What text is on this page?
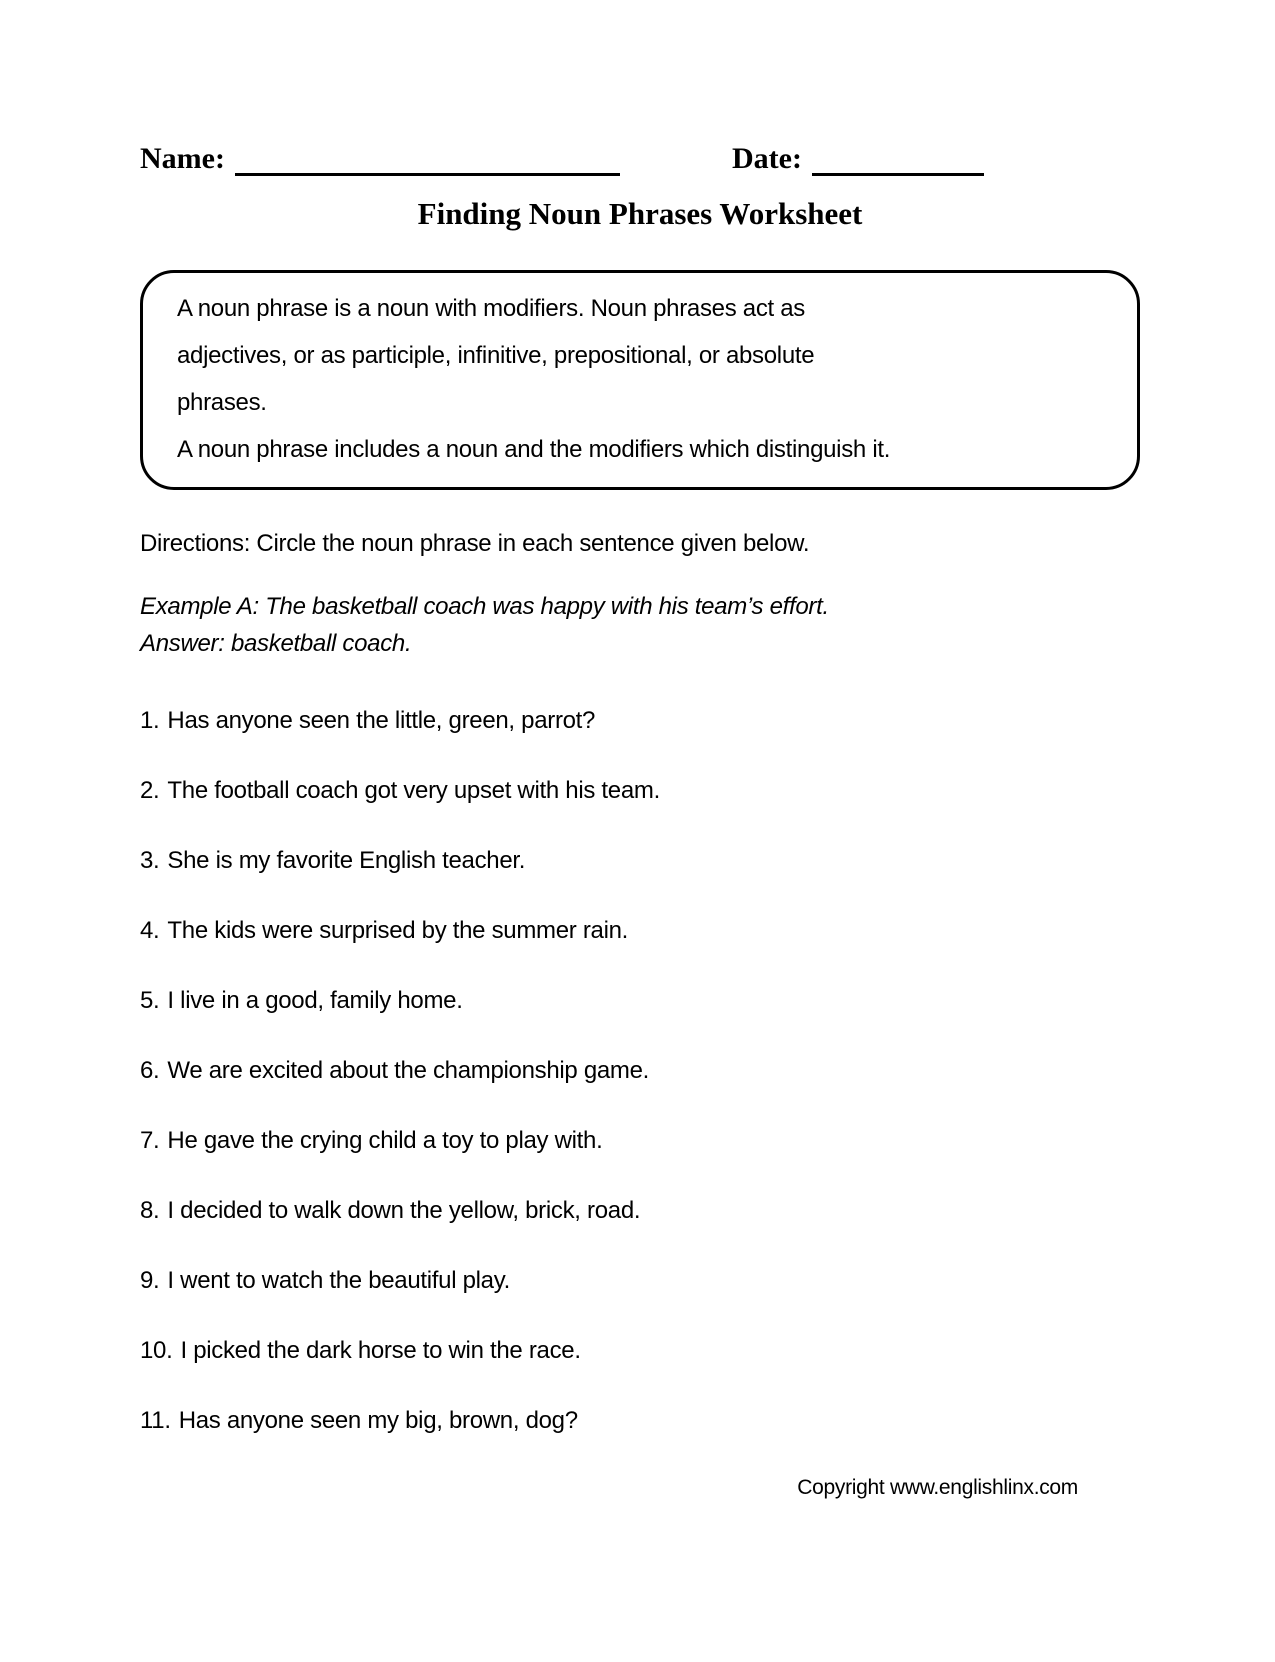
Name:	Date:
Finding Noun Phrases Worksheet
A noun phrase is a noun with modifiers. Noun phrases act as
adjectives, or as participle, infinitive, prepositional, or absolute
phrases.
A noun phrase includes a noun and the modifiers which distinguish it.
Directions: Circle the noun phrase in each sentence given below.
Example A: The basketball coach was happy with his team’s effort.
Answer: basketball coach.
1. Has anyone seen the little, green, parrot?
2. The football coach got very upset with his team.
3. She is my favorite English teacher.
4. The kids were surprised by the summer rain.
5. I live in a good, family home.
6. We are excited about the championship game.
7. He gave the crying child a toy to play with.
8. I decided to walk down the yellow, brick, road.
9. I went to watch the beautiful play.
10. I picked the dark horse to win the race.
11. Has anyone seen my big, brown, dog?
Copyright www.englishlinx.com
